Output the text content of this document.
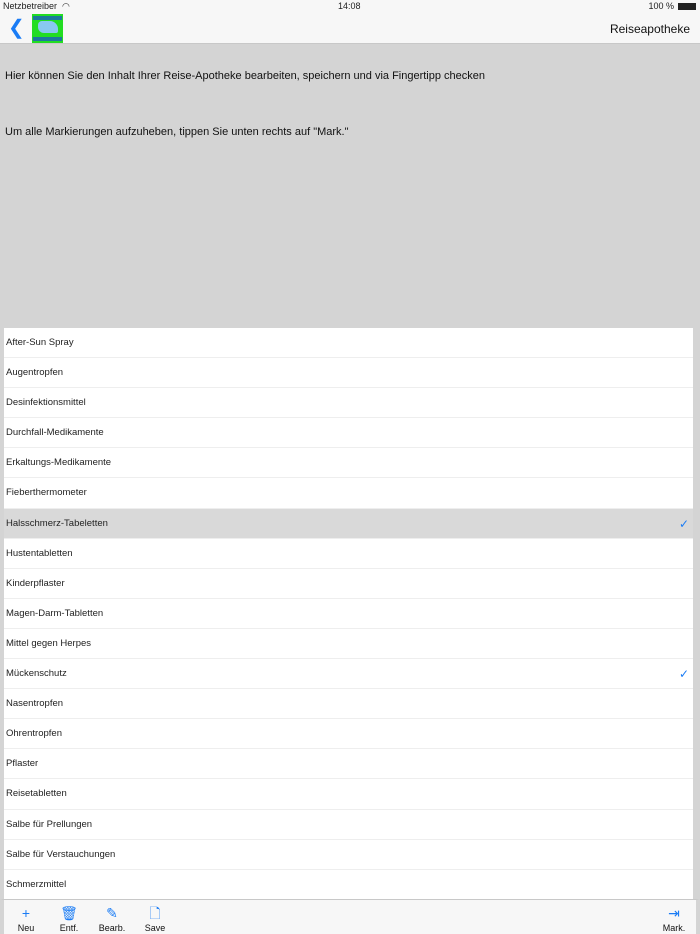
Netzbetreiber ◠	14:08	100 %
❮	Reiseapotheke

Hier können Sie den Inhalt Ihrer Reise-Apotheke bearbeiten, speichern und via Fingertipp checken

Um alle Markierungen aufzuheben, tippen Sie unten rechts auf "Mark."

After-Sun Spray
Augentropfen
Desinfektionsmittel
Durchfall-Medikamente
Erkaltungs-Medikamente
Fieberthermometer
Halsschmerz-Tabeletten	✓
Hustentabletten
Kinderpflaster
Magen-Darm-Tabletten
Mittel gegen Herpes
Mückenschutz	✓
Nasentropfen
Ohrentropfen
Pflaster
Reisetabletten
Salbe für Prellungen
Salbe für Verstauchungen
Schmerzmittel
+
Neu
🗑
Entf.
✎
Bearb.
🗋
Save
⇥
Mark.
